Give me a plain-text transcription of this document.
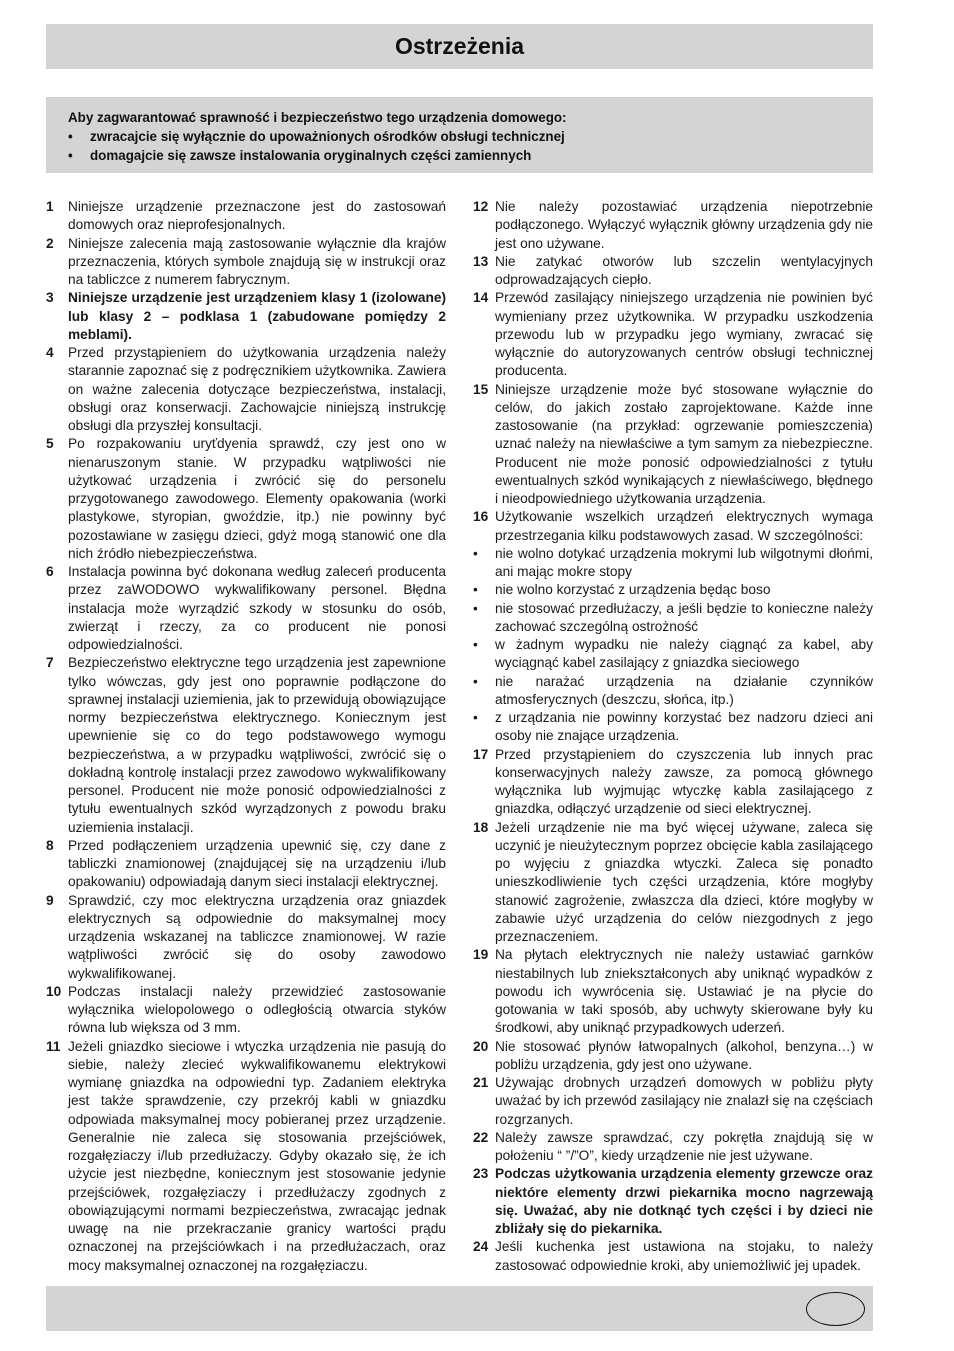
Ostrzeżenia
Aby zagwarantować sprawność i bezpieczeństwo tego urządzenia domowego:
•	zwracajcie się wyłącznie do upoważnionych ośrodków obsługi technicznej
•	domagajcie się zawsze instalowania oryginalnych części zamiennych
1	Niniejsze urządzenie przeznaczone jest do zastosowań domowych oraz nieprofesjonalnych.
2	Niniejsze zalecenia mają zastosowanie wyłącznie dla krajów przeznaczenia, których symbole znajdują się w instrukcji oraz na tabliczce z numerem fabrycznym.
3	Niniejsze urządzenie jest urządzeniem klasy 1 (izolowane) lub klasy 2 – podklasa 1 (zabudowane pomiędzy 2 meblami).
4	Przed przystąpieniem do użytkowania urządzenia należy starannie zapoznać się z podręcznikiem użytkownika. Zawiera on ważne zalecenia dotyczące bezpieczeństwa, instalacji, obsługi oraz konserwacji. Zachowajcie niniejszą instrukcję obsługi dla przyszłej konsultacji.
5	Po rozpakowaniu uryťdyenia sprawdź, czy jest ono w nienaruszonym stanie. W przypadku wątpliwości nie użytkować urządzenia i zwrócić się do personelu przygotowanego zawodowego. Elementy opakowania (worki plastykowe, styropian, gwoździe, itp.) nie powinny być pozostawiane w zasięgu dzieci, gdyż mogą stanowić one dla nich źródło niebezpieczeństwa.
6	Instalacja powinna być dokonana według zaleceń producenta przez zaWODOWO wykwalifikowany personel. Błędna instalacja może wyrządzić szkody w stosunku do osób, zwierząt i rzeczy, za co producent nie ponosi odpowiedzialności.
7	Bezpieczeństwo elektryczne tego urządzenia jest zapewnione tylko wówczas, gdy jest ono poprawnie podłączone do sprawnej instalacji uziemienia, jak to przewidują obowiązujące normy bezpieczeństwa elektrycznego. Koniecznym jest upewnienie się co do tego podstawowego wymogu bezpieczeństwa, a w przypadku wątpliwości, zwrócić się o dokładną kontrolę instalacji przez zawodowo wykwalifikowany personel. Producent nie może ponosić odpowiedzialności z tytułu ewentualnych szkód wyrządzonych z powodu braku uziemienia instalacji.
8	Przed podłączeniem urządzenia upewnić się, czy dane z tabliczki znamionowej (znajdującej się na urządzeniu i/lub opakowaniu) odpowiadają danym sieci instalacji elektrycznej.
9	Sprawdzić, czy moc elektryczna urządzenia oraz gniazdek elektrycznych są odpowiednie do maksymalnej mocy urządzenia wskazanej na tabliczce znamionowej. W razie wątpliwości zwrócić się do osoby zawodowo wykwalifikowanej.
10 Podczas instalacji należy przewidzieć zastosowanie wyłącznika wielopolowego o odległością otwarcia styków równa lub większa od 3 mm.
11 Jeżeli gniazdko sieciowe i wtyczka urządzenia nie pasują do siebie, należy zlecieć wykwalifikowanemu elektrykowi wymianę gniazdka na odpowiedni typ. Zadaniem elektryka jest także sprawdzenie, czy przekrój kabli w gniazdku odpowiada maksymalnej mocy pobieranej przez urządzenie. Generalnie nie zaleca się stosowania przejściówek, rozgałęziaczy i/lub przedłużaczy. Gdyby okazało się, że ich użycie jest niezbędne, koniecznym jest stosowanie jedynie przejściówek, rozgałęziaczy i przedłużaczy zgodnych z obowiązującymi normami bezpieczeństwa, zwracając jednak uwagę na nie przekraczanie granicy wartości prądu oznaczonej na przejściówkach i na przedłużaczach, oraz mocy maksymalnej oznaczonej na rozgałęziaczu.
12 Nie należy pozostawiać urządzenia niepotrzebnie podłączonego. Wyłączyć wyłącznik główny urządzenia gdy nie jest ono używane.
13 Nie zatykać otworów lub szczelin wentylacyjnych odprowadzających ciepło.
14 Przewód zasilający niniejszego urządzenia nie powinien być wymieniany przez użytkownika. W przypadku uszkodzenia przewodu lub w przypadku jego wymiany, zwracać się wyłącznie do autoryzowanych centrów obsługi technicznej producenta.
15 Niniejsze urządzenie może być stosowane wyłącznie do celów, do jakich zostało zaprojektowane. Każde inne zastosowanie (na przykład: ogrzewanie pomieszczenia) uznać należy na niewłaściwe a tym samym za niebezpieczne. Producent nie może ponosić odpowiedzialności z tytułu ewentualnych szkód wynikających z niewłaściwego, błędnego i nieodpowiedniego użytkowania urządzenia.
16 Użytkowanie wszelkich urządzeń elektrycznych wymaga przestrzegania kilku podstawowych zasad. W szczególności:
•	nie wolno dotykać urządzenia mokrymi lub wilgotnymi dłońmi, ani mając mokre stopy
•	nie wolno korzystać z urządzenia będąc boso
•	nie stosować przedłużaczy, a jeśli będzie to konieczne należy zachować szczególną ostrożność
•	w żadnym wypadku nie należy ciągnąć za kabel, aby wyciągnąć kabel zasilający z gniazdka sieciowego
•	nie narażać urządzenia na działanie czynników atmosferycznych (deszczu, słońca, itp.)
•	z urządzania nie powinny korzystać bez nadzoru dzieci ani osoby nie znające urządzenia.
17 Przed przystąpieniem do czyszczenia lub innych prac konserwacyjnych należy zawsze, za pomocą głównego wyłącznika lub wyjmując wtyczkę kabla zasilającego z gniazdka, odłączyć urządzenie od sieci elektrycznej.
18 Jeżeli urządzenie nie ma być więcej używane, zaleca się uczynić je nieużytecznym poprzez obcięcie kabla zasilającego po wyjęciu z gniazdka wtyczki. Zaleca się ponadto unieszkodliwienie tych części urządzenia, które mogłyby stanowić zagrożenie, zwłaszcza dla dzieci, które mogłyby w zabawie użyć urządzenia do celów niezgodnych z jego przeznaczeniem.
19 Na płytach elektrycznych nie należy ustawiać garnków niestabilnych lub zniekształconych aby uniknąć wypadków z powodu ich wywrócenia się. Ustawiać je na płycie do gotowania w taki sposób, aby uchwyty skierowane były ku środkowi, aby uniknąć przypadkowych uderzeń.
20 Nie stosować płynów łatwopalnych (alkohol, benzyna…) w pobliżu urządzenia, gdy jest ono używane.
21 Używając drobnych urządzeń domowych w pobliżu płyty uważać by ich przewód zasilający nie znalazł się na częściach rozgrzanych.
22 Należy zawsze sprawdzać, czy pokrętła znajdują się w położeniu “ ”/”O”, kiedy urządzenie nie jest używane.
23 Podczas użytkowania urządzenia elementy grzewcze oraz niektóre elementy drzwi piekarnika mocno nagrzewają się. Uważać, aby nie dotknąć tych części i by dzieci nie zbliżały się do piekarnika.
24 Jeśli kuchenka jest ustawiona na stojaku, to należy zastosować odpowiednie kroki, aby uniemożliwić jej upadek.
